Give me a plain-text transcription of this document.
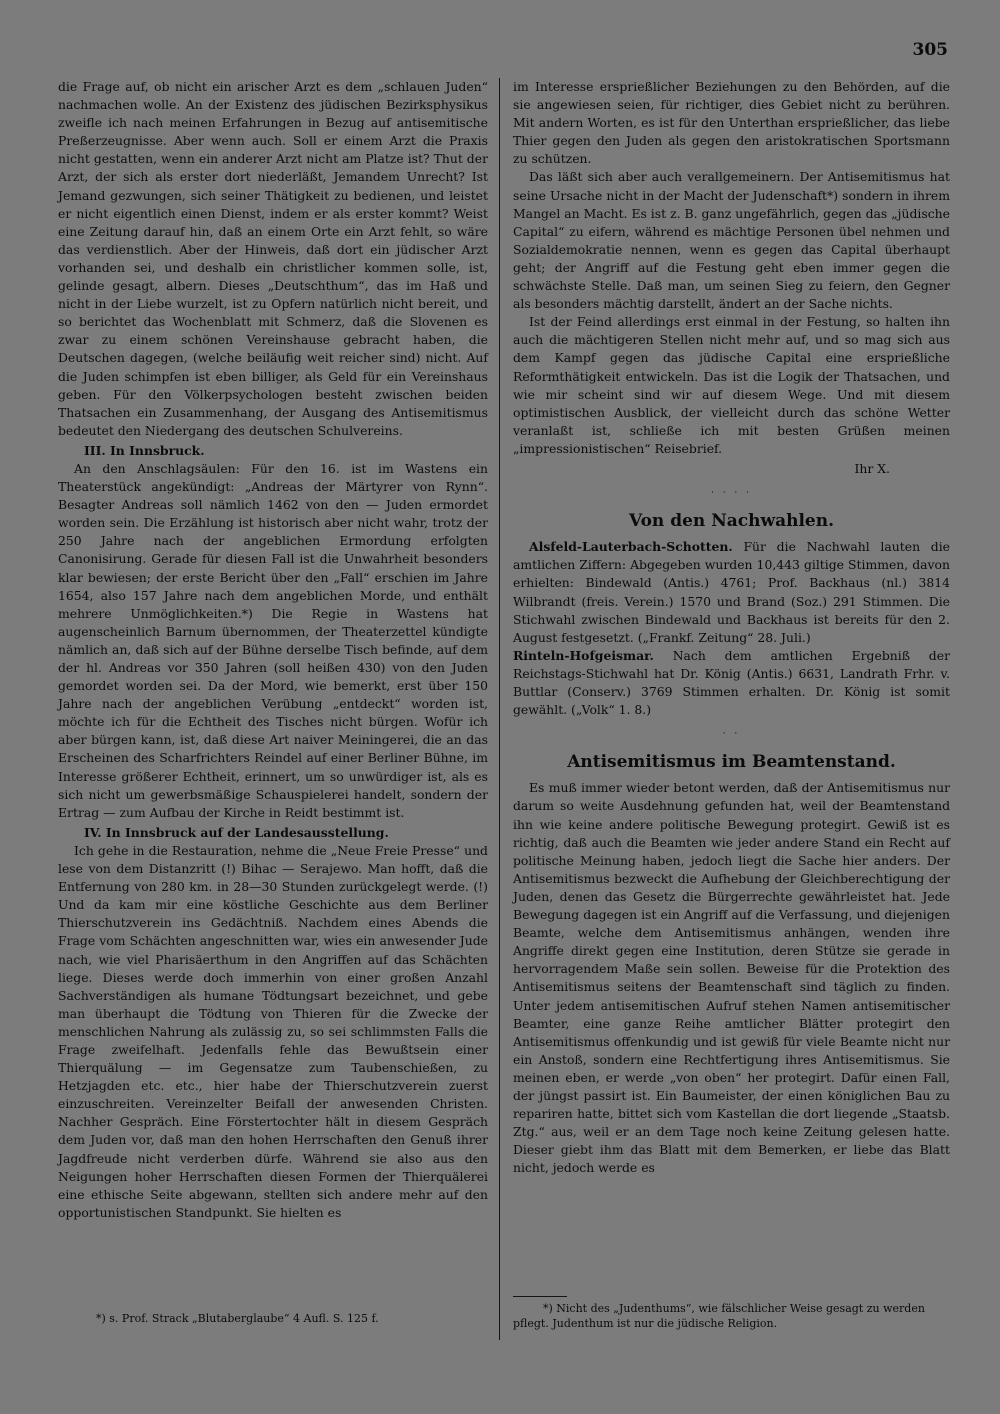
305

die Frage auf, ob nicht ein arischer Arzt es dem „schlauen Juden“ nachmachen wolle. An der Existenz des jüdischen Bezirksphysikus zweifle ich nach meinen Erfahrungen in Bezug auf antisemitische Preßerzeugnisse. Aber wenn auch. Soll er einem Arzt die Praxis nicht gestatten, wenn ein anderer Arzt nicht am Platze ist? Thut der Arzt, der sich als erster dort niederläßt, Jemandem Unrecht? Ist Jemand gezwungen, sich seiner Thätigkeit zu bedienen, und leistet er nicht eigentlich einen Dienst, indem er als erster kommt? Weist eine Zeitung darauf hin, daß an einem Orte ein Arzt fehlt, so wäre das verdienstlich. Aber der Hinweis, daß dort ein jüdischer Arzt vorhanden sei, und deshalb ein christlicher kommen solle, ist, gelinde gesagt, albern. Dieses „Deutschthum“, das im Haß und nicht in der Liebe wurzelt, ist zu Opfern natürlich nicht bereit, und so berichtet das Wochenblatt mit Schmerz, daß die Slovenen es zwar zu einem schönen Vereinshause gebracht haben, die Deutschen dagegen, (welche beiläufig weit reicher sind) nicht. Auf die Juden schimpfen ist eben billiger, als Geld für ein Vereinshaus geben. Für den Völkerpsychologen besteht zwischen beiden Thatsachen ein Zusammenhang, der Ausgang des Antisemitismus bedeutet den Niedergang des deutschen Schulvereins.

III. In Innsbruck.

An den Anschlagsäulen: Für den 16. ist im Wastens ein Theaterstück angekündigt: „Andreas der Märtyrer von Rynn“. Besagter Andreas soll nämlich 1462 von den — Juden ermordet worden sein. Die Erzählung ist historisch aber nicht wahr, trotz der 250 Jahre nach der angeblichen Ermordung erfolgten Canonisirung. Gerade für diesen Fall ist die Unwahrheit besonders klar bewiesen; der erste Bericht über den „Fall“ erschien im Jahre 1654, also 157 Jahre nach dem angeblichen Morde, und enthält mehrere Unmöglichkeiten.*) Die Regie in Wastens hat augenscheinlich Barnum übernommen, der Theaterzettel kündigte nämlich an, daß sich auf der Bühne derselbe Tisch befinde, auf dem der hl. Andreas vor 350 Jahren (soll heißen 430) von den Juden gemordet worden sei. Da der Mord, wie bemerkt, erst über 150 Jahre nach der angeblichen Verübung „entdeckt“ worden ist, möchte ich für die Echtheit des Tisches nicht bürgen. Wofür ich aber bürgen kann, ist, daß diese Art naiver Meiningerei, die an das Erscheinen des Scharfrichters Reindel auf einer Berliner Bühne, im Interesse größerer Echtheit, erinnert, um so unwürdiger ist, als es sich nicht um gewerbsmäßige Schauspielerei handelt, sondern der Ertrag — zum Aufbau der Kirche in Reidt bestimmt ist.

IV. In Innsbruck auf der Landesausstellung.

Ich gehe in die Restauration, nehme die „Neue Freie Presse“ und lese von dem Distanzritt (!) Bihac — Serajewo. Man hofft, daß die Entfernung von 280 km. in 28—30 Stunden zurückgelegt werde. (!) Und da kam mir eine köstliche Geschichte aus dem Berliner Thierschutzverein ins Gedächtniß. Nachdem eines Abends die Frage vom Schächten angeschnitten war, wies ein anwesender Jude nach, wie viel Pharisäerthum in den Angriffen auf das Schächten liege. Dieses werde doch immerhin von einer großen Anzahl Sachverständigen als humane Tödtungsart bezeichnet, und gebe man überhaupt die Tödtung von Thieren für die Zwecke der menschlichen Nahrung als zulässig zu, so sei schlimmsten Falls die Frage zweifelhaft. Jedenfalls fehle das Bewußtsein einer Thierquälung — im Gegensatze zum Taubenschießen, zu Hetzjagden etc. etc., hier habe der Thierschutzverein zuerst einzuschreiten. Vereinzelter Beifall der anwesenden Christen. Nachher Gespräch. Eine Förstertochter hält in diesem Gespräch dem Juden vor, daß man den hohen Herrschaften den Genuß ihrer Jagdfreude nicht verderben dürfe. Während sie also aus den Neigungen hoher Herrschaften diesen Formen der Thierquälerei eine ethische Seite abgewann, stellten sich andere mehr auf den opportunistischen Standpunkt. Sie hielten es

im Interesse ersprießlicher Beziehungen zu den Behörden, auf die sie angewiesen seien, für richtiger, dies Gebiet nicht zu berühren. Mit andern Worten, es ist für den Unterthan ersprießlicher, das liebe Thier gegen den Juden als gegen den aristokratischen Sportsmann zu schützen.

Das läßt sich aber auch verallgemeinern. Der Antisemitismus hat seine Ursache nicht in der Macht der Judenschaft*) sondern in ihrem Mangel an Macht. Es ist z. B. ganz ungefährlich, gegen das „jüdische Capital“ zu eifern, während es mächtige Personen übel nehmen und Sozialdemokratie nennen, wenn es gegen das Capital überhaupt geht; der Angriff auf die Festung geht eben immer gegen die schwächste Stelle. Daß man, um seinen Sieg zu feiern, den Gegner als besonders mächtig darstellt, ändert an der Sache nichts.

Ist der Feind allerdings erst einmal in der Festung, so halten ihn auch die mächtigeren Stellen nicht mehr auf, und so mag sich aus dem Kampf gegen das jüdische Capital eine ersprießliche Reformthätigkeit entwickeln. Das ist die Logik der Thatsachen, und wie mir scheint sind wir auf diesem Wege. Und mit diesem optimistischen Ausblick, der vielleicht durch das schöne Wetter veranlaßt ist, schließe ich mit besten Grüßen meinen „impressionistischen“ Reisebrief.

Ihr X.

· · · ·
Von den Nachwahlen.

Alsfeld-Lauterbach-Schotten. Für die Nachwahl lauten die amtlichen Ziffern: Abgegeben wurden 10,443 giltige Stimmen, davon erhielten: Bindewald (Antis.) 4761; Prof. Backhaus (nl.) 3814 Wilbrandt (freis. Verein.) 1570 und Brand (Soz.) 291 Stimmen. Die Stichwahl zwischen Bindewald und Backhaus ist bereits für den 2. August festgesetzt. („Frankf. Zeitung“ 28. Juli.)

Rinteln-Hofgeismar. Nach dem amtlichen Ergebniß der Reichstags-Stichwahl hat Dr. König (Antis.) 6631, Landrath Frhr. v. Buttlar (Conserv.) 3769 Stimmen erhalten. Dr. König ist somit gewählt. („Volk“ 1. 8.)

· ·
Antisemitismus im Beamtenstand.

Es muß immer wieder betont werden, daß der Antisemitismus nur darum so weite Ausdehnung gefunden hat, weil der Beamtenstand ihn wie keine andere politische Bewegung protegirt. Gewiß ist es richtig, daß auch die Beamten wie jeder andere Stand ein Recht auf politische Meinung haben, jedoch liegt die Sache hier anders. Der Antisemitismus bezweckt die Aufhebung der Gleichberechtigung der Juden, denen das Gesetz die Bürgerrechte gewährleistet hat. Jede Bewegung dagegen ist ein Angriff auf die Verfassung, und diejenigen Beamte, welche dem Antisemitismus anhängen, wenden ihre Angriffe direkt gegen eine Institution, deren Stütze sie gerade in hervorragendem Maße sein sollen. Beweise für die Protektion des Antisemitismus seitens der Beamtenschaft sind täglich zu finden. Unter jedem antisemitischen Aufruf stehen Namen antisemitischer Beamter, eine ganze Reihe amtlicher Blätter protegirt den Antisemitismus offenkundig und ist gewiß für viele Beamte nicht nur ein Anstoß, sondern eine Rechtfertigung ihres Antisemitismus. Sie meinen eben, er werde „von oben“ her protegirt. Dafür einen Fall, der jüngst passirt ist. Ein Baumeister, der einen königlichen Bau zu repariren hatte, bittet sich vom Kastellan die dort liegende „Staatsb. Ztg.“ aus, weil er an dem Tage noch keine Zeitung gelesen hatte. Dieser giebt ihm das Blatt mit dem Bemerken, er liebe das Blatt nicht, jedoch werde es

*) s. Prof. Strack „Blutaberglaube“ 4 Aufl. S. 125 f.
*) Nicht des „Judenthums“, wie fälschlicher Weise gesagt zu werden pflegt. Judenthum ist nur die jüdische Religion.
